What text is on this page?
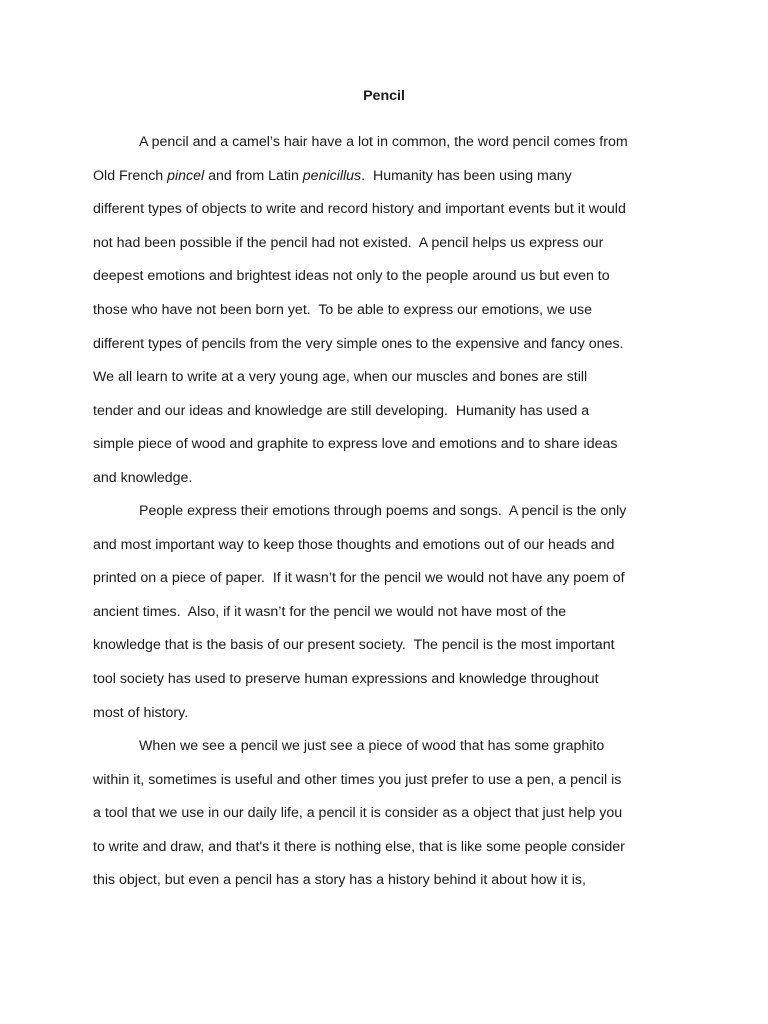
Pencil

A pencil and a camel’s hair have a lot in common, the word pencil comes from

Old French pincel and from Latin penicillus.  Humanity has been using many

different types of objects to write and record history and important events but it would

not had been possible if the pencil had not existed.  A pencil helps us express our

deepest emotions and brightest ideas not only to the people around us but even to

those who have not been born yet.  To be able to express our emotions, we use

different types of pencils from the very simple ones to the expensive and fancy ones.

We all learn to write at a very young age, when our muscles and bones are still

tender and our ideas and knowledge are still developing.  Humanity has used a

simple piece of wood and graphite to express love and emotions and to share ideas

and knowledge.

People express their emotions through poems and songs.  A pencil is the only

and most important way to keep those thoughts and emotions out of our heads and

printed on a piece of paper.  If it wasn’t for the pencil we would not have any poem of

ancient times.  Also, if it wasn’t for the pencil we would not have most of the

knowledge that is the basis of our present society.  The pencil is the most important

tool society has used to preserve human expressions and knowledge throughout

most of history.

When we see a pencil we just see a piece of wood that has some graphito

within it, sometimes is useful and other times you just prefer to use a pen, a pencil is

a tool that we use in our daily life, a pencil it is consider as a object that just help you

to write and draw, and that's it there is nothing else, that is like some people consider

this object, but even a pencil has a story has a history behind it about how it is,
